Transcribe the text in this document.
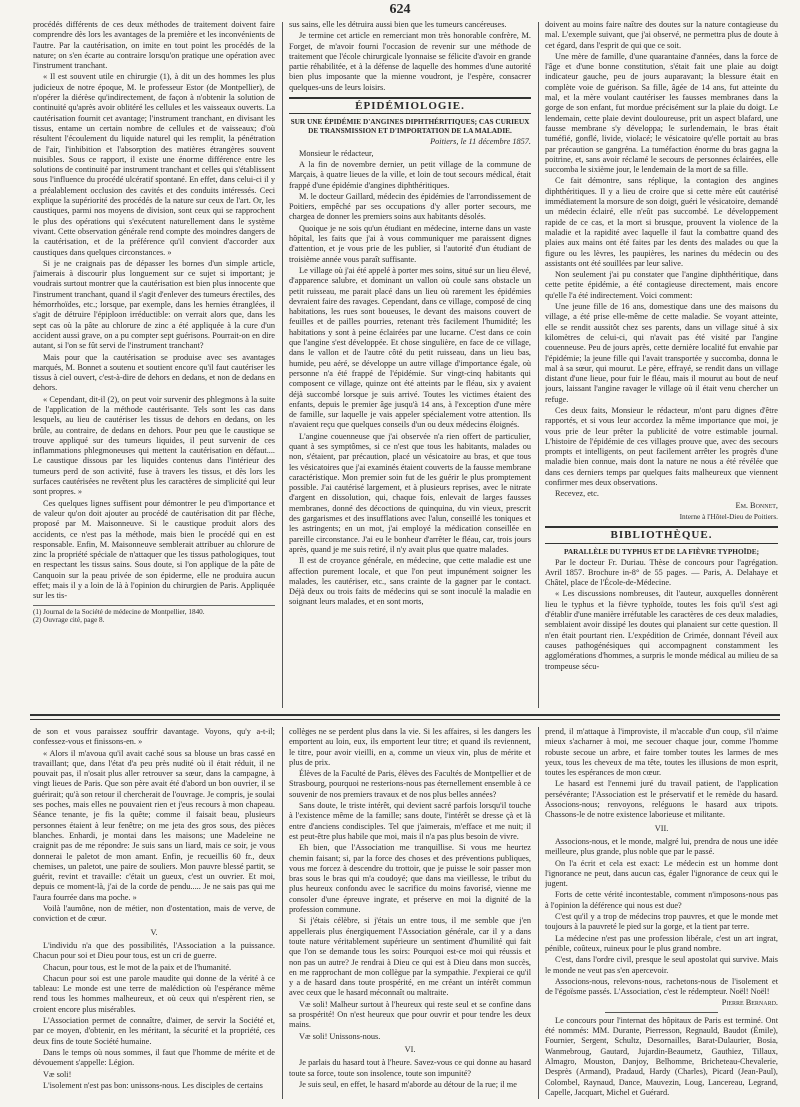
624

procédés différents de ces deux méthodes de traitement doivent faire comprendre dès lors les avantages de la première et les inconvénients de l'autre. Par la cautérisation, on imite en tout point les procédés de la nature; on s'en écarte au contraire lorsqu'on pratique une opération avec l'instrument tranchant.

« Il est souvent utile en chirurgie (1), à dit un des hommes les plus judicieux de notre époque, M. le professeur Estor (de Montpellier), de n'opérer la diérèse qu'indirectement, de façon à n'obtenir la solution de continuité qu'après avoir oblitéré les cellules et les vaisseaux ouverts. La cautérisation fournit cet avantage; l'instrument tranchant, en divisant les tissus, entame un certain nombre de cellules et de vaisseaux; d'où résultent l'écoulement du liquide naturel qui les remplit, la pénétration de l'air, l'inhibition et l'absorption des matières étrangères souvent nuisibles. Sous ce rapport, il existe une énorme différence entre les solutions de continuité par instrument tranchant et celles qui s'établissent sous l'influence du procédé ulcératif spontané. En effet, dans celui-ci il y a préalablement occlusion des cavités et des conduits intéressés. Ceci explique la supériorité des procédés de la nature sur ceux de l'art. Or, les caustiques, parmi nos moyens de division, sont ceux qui se rapprochent le plus des opérations qui s'exécutent naturellement dans le système vivant. Cette observation générale rend compte des moindres dangers de la cautérisation, et de la préférence qu'il convient d'accorder aux caustiques dans quelques circonstances. »

Si je ne craignais pas de dépasser les bornes d'un simple article, j'aimerais à discourir plus longuement sur ce sujet si important; je voudrais surtout montrer que la cautérisation est bien plus innocente que l'instrument tranchant, quand il s'agit d'enlever des tumeurs érectiles, des hémorrhoïdes, etc.; lorsque, par exemple, dans les hernies étranglées, il s'agit de détruire l'épiploon irréductible: on verrait alors que, dans les sept cas où la pâte au chlorure de zinc a été appliquée à la cure d'un accident aussi grave, on a pu compter sept guérisons. Pourrait-on en dire autant, si l'on se fût servi de l'instrument tranchant?

Mais pour que la cautérisation se produise avec ses avantages marqués, M. Bonnet a soutenu et soutient encore qu'il faut cautériser les tissus à ciel ouvert, c'est-à-dire de dehors en dedans, et non de dedans en dehors.

« Cependant, dit-il (2), on peut voir survenir des phlegmons à la suite de l'application de la méthode cautérisante. Tels sont les cas dans lesquels, au lieu de cautériser les tissus de dehors en dedans, on les brûle, au contraire, de dedans en dehors. Pour peu que le caustique se trouve appliqué sur des tumeurs liquides, il peut survenir de ces inflammations phlegmoneuses qui mettent la cautérisation en défaut.... Le caustique dissous par les liquides contenus dans l'intérieur des tumeurs perd de son activité, fuse à travers les tissus, et dès lors les surfaces cautérisées ne revêtent plus les caractères de simplicité qui leur sont propres. »

Ces quelques lignes suffisent pour démontrer le peu d'importance et de valeur qu'on doit ajouter au procédé de cautérisation dit par flèche, proposé par M. Maisonneuve. Si le caustique produit alors des accidents, ce n'est pas la méthode, mais bien le procédé qui en est responsable. Enfin, M. Maisonneuve semblerait attribuer au chlorure de zinc la propriété spéciale de n'attaquer que les tissus pathologiques, tout en respectant les tissus sains. Sous doute, si l'on applique de la pâte de Canquoin sur la peau privée de son épiderme, elle ne produira aucun effet; mais il y a loin de là à l'opinion du chirurgien de Paris. Appliquée sur les tis-

(1) Journal de la Société de médecine de Montpellier, 1840.
(2) Ouvrage cité, page 8.

sus sains, elle les détruira aussi bien que les tumeurs cancéreuses.

Je termine cet article en remerciant mon très honorable confrère, M. Forget, de m'avoir fourni l'occasion de revenir sur une méthode de traitement que l'école chirurgicale lyonnaise se félicite d'avoir en grande partie réhabilitée, et à la défense de laquelle des hommes d'une autorité bien plus imposante que la mienne voudront, je l'espère, consacrer quelques-uns de leurs loisirs.

ÉPIDÉMIOLOGIE.
SUR UNE ÉPIDÉMIE D'ANGINES DIPHTHÉRITIQUES; CAS CURIEUX DE TRANSMISSION ET D'IMPORTATION DE LA MALADIE.
Poitiers, le 11 décembre 1857.

Monsieur le rédacteur,

A la fin de novembre dernier, un petit village de la commune de Marçais, à quatre lieues de la ville, et loin de tout secours médical, était frappé d'une épidémie d'angines diphthéritiques.

M. le docteur Gaillard, médecin des épidémies de l'arrondissement de Poitiers, empêché par ses occupations d'y aller porter secours, me chargea de donner les premiers soins aux habitants désolés.

Quoique je ne sois qu'un étudiant en médecine, interne dans un vaste hôpital, les faits que j'ai à vous communiquer me paraissent dignes d'attention, et je vous prie de les publier, si l'autorité d'un étudiant de troisième année vous paraît suffisante.

Le village où j'ai été appelé à porter mes soins, situé sur un lieu élevé, d'apparence salubre, et dominant un vallon où coule sans obstacle un petit ruisseau, me parait placé dans un lieu où rarement les épidémies devraient faire des ravages. Cependant, dans ce village, composé de cinq habitations, les rues sont boueuses, le devant des maisons couvert de feuilles et de pailles pourries, retenant très facilement l'humidité; les habitations y sont à peine éclairées par une lucarne. C'est dans ce coin que l'angine s'est développée. Et chose singulière, en face de ce village, dans le vallon et de l'autre côté du petit ruisseau, dans un lieu bas, humide, peu aéré, se développe un autre village d'importance égale, où personne n'a été frappé de l'épidémie. Sur vingt-cinq habitants qui composent ce village, quinze ont été atteints par le fléau, six y avaient déjà succombé lorsque je suis arrivé. Toutes les victimes étaient des enfants, depuis le premier âge jusqu'à 14 ans, à l'exception d'une mère de famille, sur laquelle je vais appeler spécialement votre attention. Ils n'avaient reçu que quelques conseils d'un ou deux médecins éloignés.

L'angine couenneuse que j'ai observée n'a rien offert de particulier, quant à ses symptômes, si ce n'est que tous les habitants, malades ou non, s'étaient, par précaution, placé un vésicatoire au bras, et que tous les vésicatoires que j'ai examinés étaient couverts de la fausse membrane caractéristique. Mon premier soin fut de les guérir le plus promptement possible. J'ai cautérisé largement, et à plusieurs reprises, avec le nitrate d'argent en dissolution, qui, chaque fois, enlevait de larges fausses membranes, donné des décoctions de quinquina, du vin vieux, prescrit des gargarismes et des insufflations avec l'alun, conseillé les toniques et les astringents; en un mot, j'ai employé la médication conseillée en pareille circonstance. J'ai eu le bonheur d'arrêter le fléau, car, trois jours après, quand je me suis retiré, il n'y avait plus que quatre malades.

Il est de croyance générale, en médecine, que cette maladie est une affection purement locale, et que l'on peut impunément soigner les malades, les cautériser, etc., sans crainte de la gagner par le contact. Déjà deux ou trois faits de médecins qui se sont inoculé la maladie en soignant leurs malades, et en sont morts,

doivent au moins faire naître des doutes sur la nature contagieuse du mal. L'exemple suivant, que j'ai observé, ne permettra plus de doute à cet égard, dans l'esprit de qui que ce soit.

Une mère de famille, d'une quarantaine d'années, dans la force de l'âge et d'une bonne constitution, s'était fait une plaie au doigt indicateur gauche, peu de jours auparavant; la blessure était en complète voie de guérison. Sa fille, âgée de 14 ans, fut atteinte du mal, et la mère voulant cautériser les fausses membranes dans la gorge de son enfant, fut mordue précisément sur la plaie du doigt. Le lendemain, cette plaie devint douloureuse, prit un aspect blafard, une fausse membrane s'y développa; le surlendemain, le bras était tuméfié, gonflé, livide, violacé; le vésicatoire qu'elle portait au bras par précaution se gangréna. La tuméfaction énorme du bras gagna la poitrine, et, sans avoir réclamé le secours de personnes éclairées, elle succomba le sixième jour, le lendemain de la mort de sa fille.

Ce fait démontre, sans réplique, la contagion des angines diphthéritiques. Il y a lieu de croire que si cette mère eût cautérisé immédiatement la morsure de son doigt, guéri le vésicatoire, demandé un médecin éclairé, elle n'eût pas succombé. Le développement rapide de ce cas, et la mort si brusque, prouvent la violence de la maladie et la rapidité avec laquelle il faut la combattre quand des plaies aux mains ont été faites par les dents des malades ou que la figure ou les lèvres, les paupières, les narines du médecin ou des assistants ont été souillées par leur salive.

Non seulement j'ai pu constater que l'angine diphthéritique, dans cette petite épidémie, a été contagieuse directement, mais encore qu'elle l'a été indirectement. Voici comment:

Une jeune fille de 16 ans, domestique dans une des maisons du village, a été prise elle-même de cette maladie. Se voyant atteinte, elle se rendit aussitôt chez ses parents, dans un village situé à six kilomètres de celui-ci, qui n'avait pas été visité par l'angine couenneuse. Peu de jours après, cette dernière localité fut envahie par l'épidémie; la jeune fille qui l'avait transportée y succomba, donna le mal à sa sœur, qui mourut. Le père, effrayé, se rendit dans un village distant d'une lieue, pour fuir le fléau, mais il mourut au bout de neuf jours, laissant l'angine ravager le village où il était venu chercher un refuge.

Ces deux faits, Monsieur le rédacteur, m'ont paru dignes d'être rapportés, et si vous leur accordez la même importance que moi, je vous prie de leur prêter la publicité de votre estimable journal. L'histoire de l'épidémie de ces villages prouve que, avec des secours prompts et intelligents, on peut facilement arrêter les progrès d'une maladie bien connue, mais dont la nature ne nous a été révélée que dans ces derniers temps par quelques faits malheureux que viennent confirmer mes deux observations.

Recevez, etc.

Em. Bonnet,
Interne à l'Hôtel-Dieu de Poitiers.
BIBLIOTHÈQUE.
PARALLÈLE DU TYPHUS ET DE LA FIÈVRE TYPHOÏDE;

Par le docteur Fr. Duriau. Thèse de concours pour l'agrégation. Avril 1857. Brochure in-8° de 55 pages. — Paris, A. Delahaye et Châtel, place de l'École-de-Médecine.

« Les discussions nombreuses, dit l'auteur, auxquelles donnèrent lieu le typhus et la fièvre typhoïde, toutes les fois qu'il s'est agi d'établir d'une manière irréfutable les caractères de ces deux maladies, semblaient avoir dissipé les doutes qui planaient sur cette question. Il n'en était pourtant rien. L'expédition de Crimée, donnant l'éveil aux causes pathogénésiques qui accompagnent constamment les agglomérations d'hommes, a surpris le monde médical au milieu de sa trompeuse sécu-

de son et vous paraissez souffrir davantage. Voyons, qu'y a-t-il; confessez-vous et finissons-en. »

« Alors il m'avoua qu'il avait caché sous sa blouse un bras cassé en travaillant; que, dans l'état d'a peu près nudité où il était réduit, il ne pouvait pas, il n'osait plus aller retrouver sa sœur, dans la campagne, à vingt lieues de Paris. Que son père avait été d'abord un bon ouvrier, il se guérirait; qu'à son retour il chercherait de l'ouvrage. Je compris, je soulai ses poches, mais elles ne pouvaient rien et j'eus recours à mon chapeau. Séance tenante, je fis la quête; comme il faisait beau, plusieurs personnes étaient à leur fenêtre; on me jeta des gros sous, des pièces blanches. Enhardi, je montai dans les maisons; une Madeleine ne craignit pas de me répondre: Je suis sans un liard, mais ce soir, je vous donnerai le paletot de mon amant. Enfin, je recueillis 60 fr., deux chemises, un paletot, une paire de souliers. Mon pauvre blessé partit, se guérit, revint et travaille: c'était un gueux, c'est un ouvrier. Et moi, depuis ce moment-là, j'ai de la corde de pendu..... Je ne sais pas qui me l'aura fourrée dans ma poche. »

Voilà l'aumône, non de métier, non d'ostentation, mais de verve, de conviction et de cœur.

V.

L'individu n'a que des possibilités, l'Association a la puissance. Chacun pour soi et Dieu pour tous, est un cri de guerre.

Chacun, pour tous, est le mot de la paix et de l'humanité.

Chacun pour soi est une parole maudite qui donne de la vérité à ce tableau: Le monde est une terre de malédiction où l'espérance même rend tous les hommes malheureux, et où ceux qui n'espèrent rien, se croient encore plus misérables.

L'Association permet de connaître, d'aimer, de servir la Société et, par ce moyen, d'obtenir, en les méritant, la sécurité et la propriété, ces deux fins de toute Société humaine.

Dans le temps où nous sommes, il faut que l'homme de mérite et de dévouement s'appelle: Légion.

Væ soli!

L'isolement n'est pas bon: unissons-nous. Les disciples de certains

collèges ne se perdent plus dans la vie. Si les affaires, si les dangers les emportent au loin, eux, ils emportent leur titre; et quand ils reviennent, le titre, pour avoir vieilli, en a, comme un vieux vin, plus de mérite et plus de prix.

Élèves de la Faculté de Paris, élèves des Facultés de Montpellier et de Strasbourg, pourquoi ne resterions-nous pas éternellement ensemble à ce souvenir de nos premiers travaux et de nos plus belles années?

Sans doute, le triste intérêt, qui devient sacré parfois lorsqu'il touche à l'existence même de la famille; sans doute, l'intérêt se dresse çà et là entre d'anciens condisciples. Tel que j'aimerais, m'efface et me nuit; il est peut-être plus habile que moi, mais il n'a pas plus besoin de vivre.

Eh bien, que l'Association me tranquillise. Si vous me heurtez chemin faisant; si, par la force des choses et des préventions publiques, vous me forcez à descendre du trottoir, que je puisse le soir passer mon bras sous le bras qui m'a coudoyé; que dans ma vieillesse, le tribut du plus heureux confondu avec le sacrifice du moins favorisé, vienne me consoler d'une épreuve ingrate, et préserve en moi la dignité de la profession commune.

Si j'étais célèbre, si j'étais un entre tous, il me semble que j'en appellerais plus énergiquement l'Association générale, car il y a dans toute nature véritablement supérieure un sentiment d'humilité qui fait que l'on se demande tous les soirs: Pourquoi est-ce moi qui réussis et non pas un autre? Je rendrai à Dieu ce qui est à Dieu dans mon succès, en me rapprochant de mon collègue par la sympathie. J'expierai ce qu'il y a de hasard dans toute prospérité, en me créant un intérêt commun avec ceux que le hasard méconnaît ou maltraite.

Væ soli! Malheur surtout à l'heureux qui reste seul et se confine dans sa prospérité! On n'est heureux que pour ouvrir et pour tendre les deux mains.

Væ soli! Unissons-nous.

VI.

Je parlais du hasard tout à l'heure. Savez-vous ce qui donne au hasard toute sa force, toute son insolence, toute son impunité?

Je suis seul, en effet, le hasard m'aborde au détour de la rue; il me

prend, il m'attaque à l'improviste, il m'accable d'un coup, s'il n'aime mieux s'acharner à moi, me secouer chaque jour, comme l'homme robuste secoue un arbre, et faire tomber toutes les larmes de mes yeux, tous les cheveux de ma tête, toutes les illusions de mon esprit, toutes les espérances de mon cœur.

Le hasard est l'ennemi juré du travail patient, de l'application persévérante; l'Association est le préservatif et le remède du hasard. Associons-nous; renvoyons, reléguons le hasard aux tripots. Chassons-le de notre existence laborieuse et militante.

VII.

Associons-nous, et le monde, malgré lui, prendra de nous une idée meilleure, plus grande, plus noble que par le passé.

On l'a écrit et cela est exact: Le médecin est un homme dont l'ignorance ne peut, dans aucun cas, égaler l'ignorance de ceux qui le jugent.

Forts de cette vérité incontestable, comment n'imposons-nous pas à l'opinion la déférence qui nous est due?

C'est qu'il y a trop de médecins trop pauvres, et que le monde met toujours à la pauvreté le pied sur la gorge, et la tient par terre.

La médecine n'est pas une profession libérale, c'est un art ingrat, pénible, coûteux, ruineux pour le plus grand nombre.

C'est, dans l'ordre civil, presque le seul apostolat qui survive. Mais le monde ne veut pas s'en apercevoir.

Associons-nous, relevons-nous, rachetons-nous de l'isolement et de l'égoïsme passés. L'Association, c'est le rédempteur. Noël! Noël!

Pierre Bernard.

Le concours pour l'internat des hôpitaux de Paris est terminé. Ont été nommés: MM. Durante, Pierresson, Regnauld, Baudot (Émile), Fournier, Sergent, Schultz, Desornailles, Barat-Dulaurier, Bosia, Wanmebroug, Gautard, Jujardin-Beaumetz, Gauthiez, Tillaux, Almagro, Mouston, Danjoy, Belhomme, Bricheteau-Chevalerie, Desprès (Armand), Pradaud, Hardy (Charles), Picard (Jean-Paul), Colombel, Raynaud, Dance, Mauvezin, Loug, Lancereau, Legrand, Capelle, Jacquart, Michel et Guérard.
